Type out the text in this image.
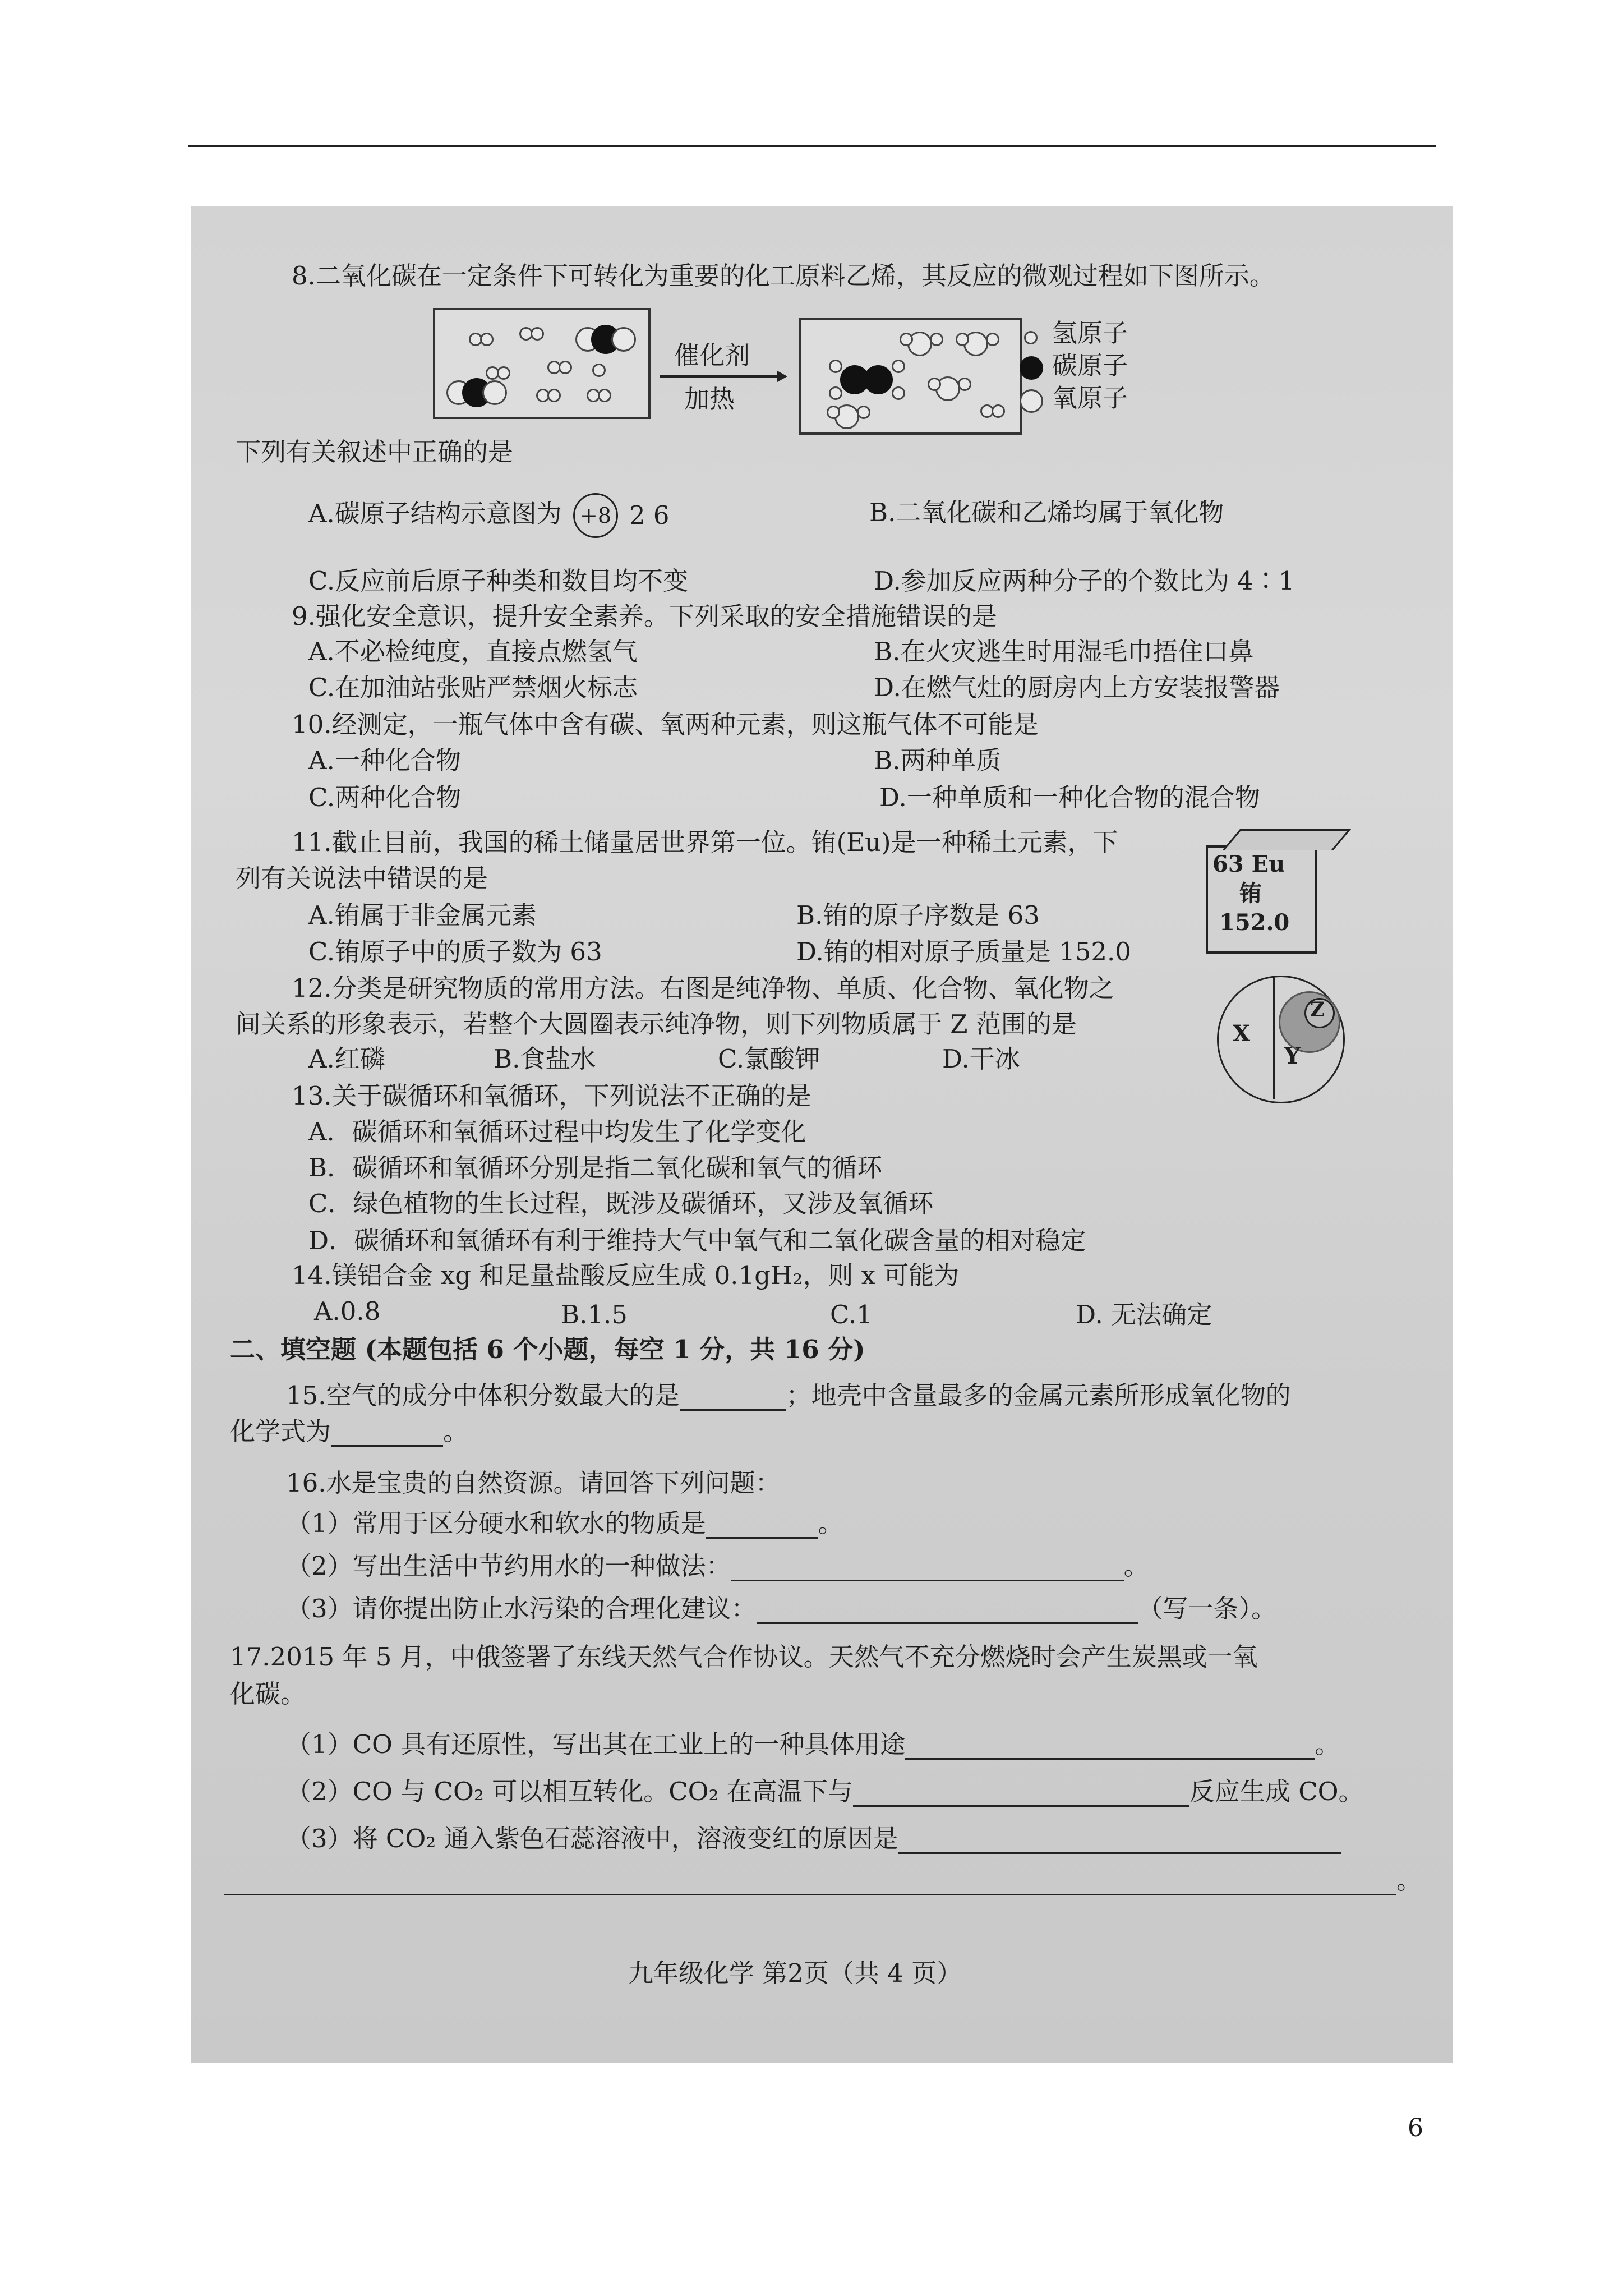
8.二氧化碳在一定条件下可转化为重要的化工原料乙烯，其反应的微观过程如下图所示。
催化剂
加热
氢原子
碳原子
氧原子
下列有关叙述中正确的是
A.碳原子结构示意图为 +8 2 6	B.二氧化碳和乙烯均属于氧化物
C.反应前后原子种类和数目均不变	D.参加反应两种分子的个数比为 4∶1
9.强化安全意识，提升安全素养。下列采取的安全措施错误的是
A.不必检纯度，直接点燃氢气	B.在火灾逃生时用湿毛巾捂住口鼻
C.在加油站张贴严禁烟火标志	D.在燃气灶的厨房内上方安装报警器
10.经测定，一瓶气体中含有碳、氧两种元素，则这瓶气体不可能是
A.一种化合物	B.两种单质
C.两种化合物	D.一种单质和一种化合物的混合物
11.截止目前，我国的稀土储量居世界第一位。铕(Eu)是一种稀土元素，下
列有关说法中错误的是
A.铕属于非金属元素	B.铕的原子序数是 63
C.铕原子中的质子数为 63	D.铕的相对原子质量是 152.0
63 Eu
铕
152.0
12.分类是研究物质的常用方法。右图是纯净物、单质、化合物、氧化物之
间关系的形象表示，若整个大圆圈表示纯净物，则下列物质属于 Z 范围的是
A.红磷	B.食盐水	C.氯酸钾	D.干冰
X
Y
Z
13.关于碳循环和氧循环，下列说法不正确的是
A．碳循环和氧循环过程中均发生了化学变化
B．碳循环和氧循环分别是指二氧化碳和氧气的循环
C．绿色植物的生长过程，既涉及碳循环，又涉及氧循环
D．碳循环和氧循环有利于维持大气中氧气和二氧化碳含量的相对稳定
14.镁铝合金 xg 和足量盐酸反应生成 0.1gH₂，则 x 可能为
A.0.8	B.1.5	C.1	D. 无法确定
二、填空题 (本题包括 6 个小题，每空 1 分，共 16 分)
15.空气的成分中体积分数最大的是	；地壳中含量最多的金属元素所形成氧化物的
化学式为	。
16.水是宝贵的自然资源。请回答下列问题：
（1）常用于区分硬水和软水的物质是	。
（2）写出生活中节约用水的一种做法：	。
（3）请你提出防止水污染的合理化建议：	（写一条）。
17.2015 年 5 月，中俄签署了东线天然气合作协议。天然气不充分燃烧时会产生炭黑或一氧
化碳。
（1）CO 具有还原性，写出其在工业上的一种具体用途	。
（2）CO 与 CO₂ 可以相互转化。CO₂ 在高温下与	反应生成 CO。
（3）将 CO₂ 通入紫色石蕊溶液中，溶液变红的原因是
。
九年级化学 第2页（共 4 页）
6
